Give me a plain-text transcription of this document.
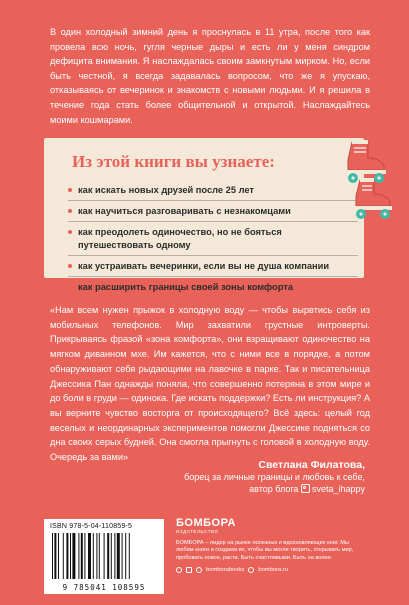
В один холодный зимний день я проснулась в 11 утра, после того как провела всю ночь, гугля черные дыры и есть ли у меня синдром дефицита внимания. Я наслаждалась своим замкнутым мирком. Но, если быть честной, я всегда задавалась вопросом, что же я упускаю, отказываясь от вечеринок и знакомств с новыми людьми. И я решила в течение года стать более общительной и открытой. Наслаждайтесь моими кошмарами.
Из этой книги вы узнаете:
как искать новых друзей после 25 лет
как научиться разговаривать с незнакомцами
как преодолеть одиночество, но не бояться путешествовать одному
как устраивать вечеринки, если вы не душа компании
как расширить границы своей зоны комфорта
«Нам всем нужен прыжок в холодную воду — чтобы вырвтись себя из мобильных телефонов. Мир захватили грустные интроверты. Прикрываясь фразой «зона комфорта», они взращивают одиночество на мягком диванном мхе. Им кажется, что с ними все в порядке, а потом обнаруживают себя рыдающими на лавочке в парке. Так и писательница Джессика Пан однажды поняла, что совершенно потеряна в этом мире и до боли в груди — одинока. Где искать поддержки? Есть ли инструкция? А вы верните чувство восторга от происходящего? Всё здесь: целый год веселых и неординарных экспериментов помогли Джессике подняться со дна своих серых будней. Она смогла прыгнуть с головой в холодную воду. Очередь за вами»
Светлана Филатова,
борец за личные границы и любовь к себе,
автор блога sveta_ihappy
ISBN 978-5-04-110859-5
9 785041 108595
БОМБОРА
ИЗДАТЕЛЬСТВО
БОМБОРА – лидер на рынке полезных и вдохновляющих книг. Мы любим книги и создаем их, чтобы вы могли творить, открывать мир, пробовать новое, расти. Быть счастливыми. Быть на волне.
bomborabooks bombora.ru
